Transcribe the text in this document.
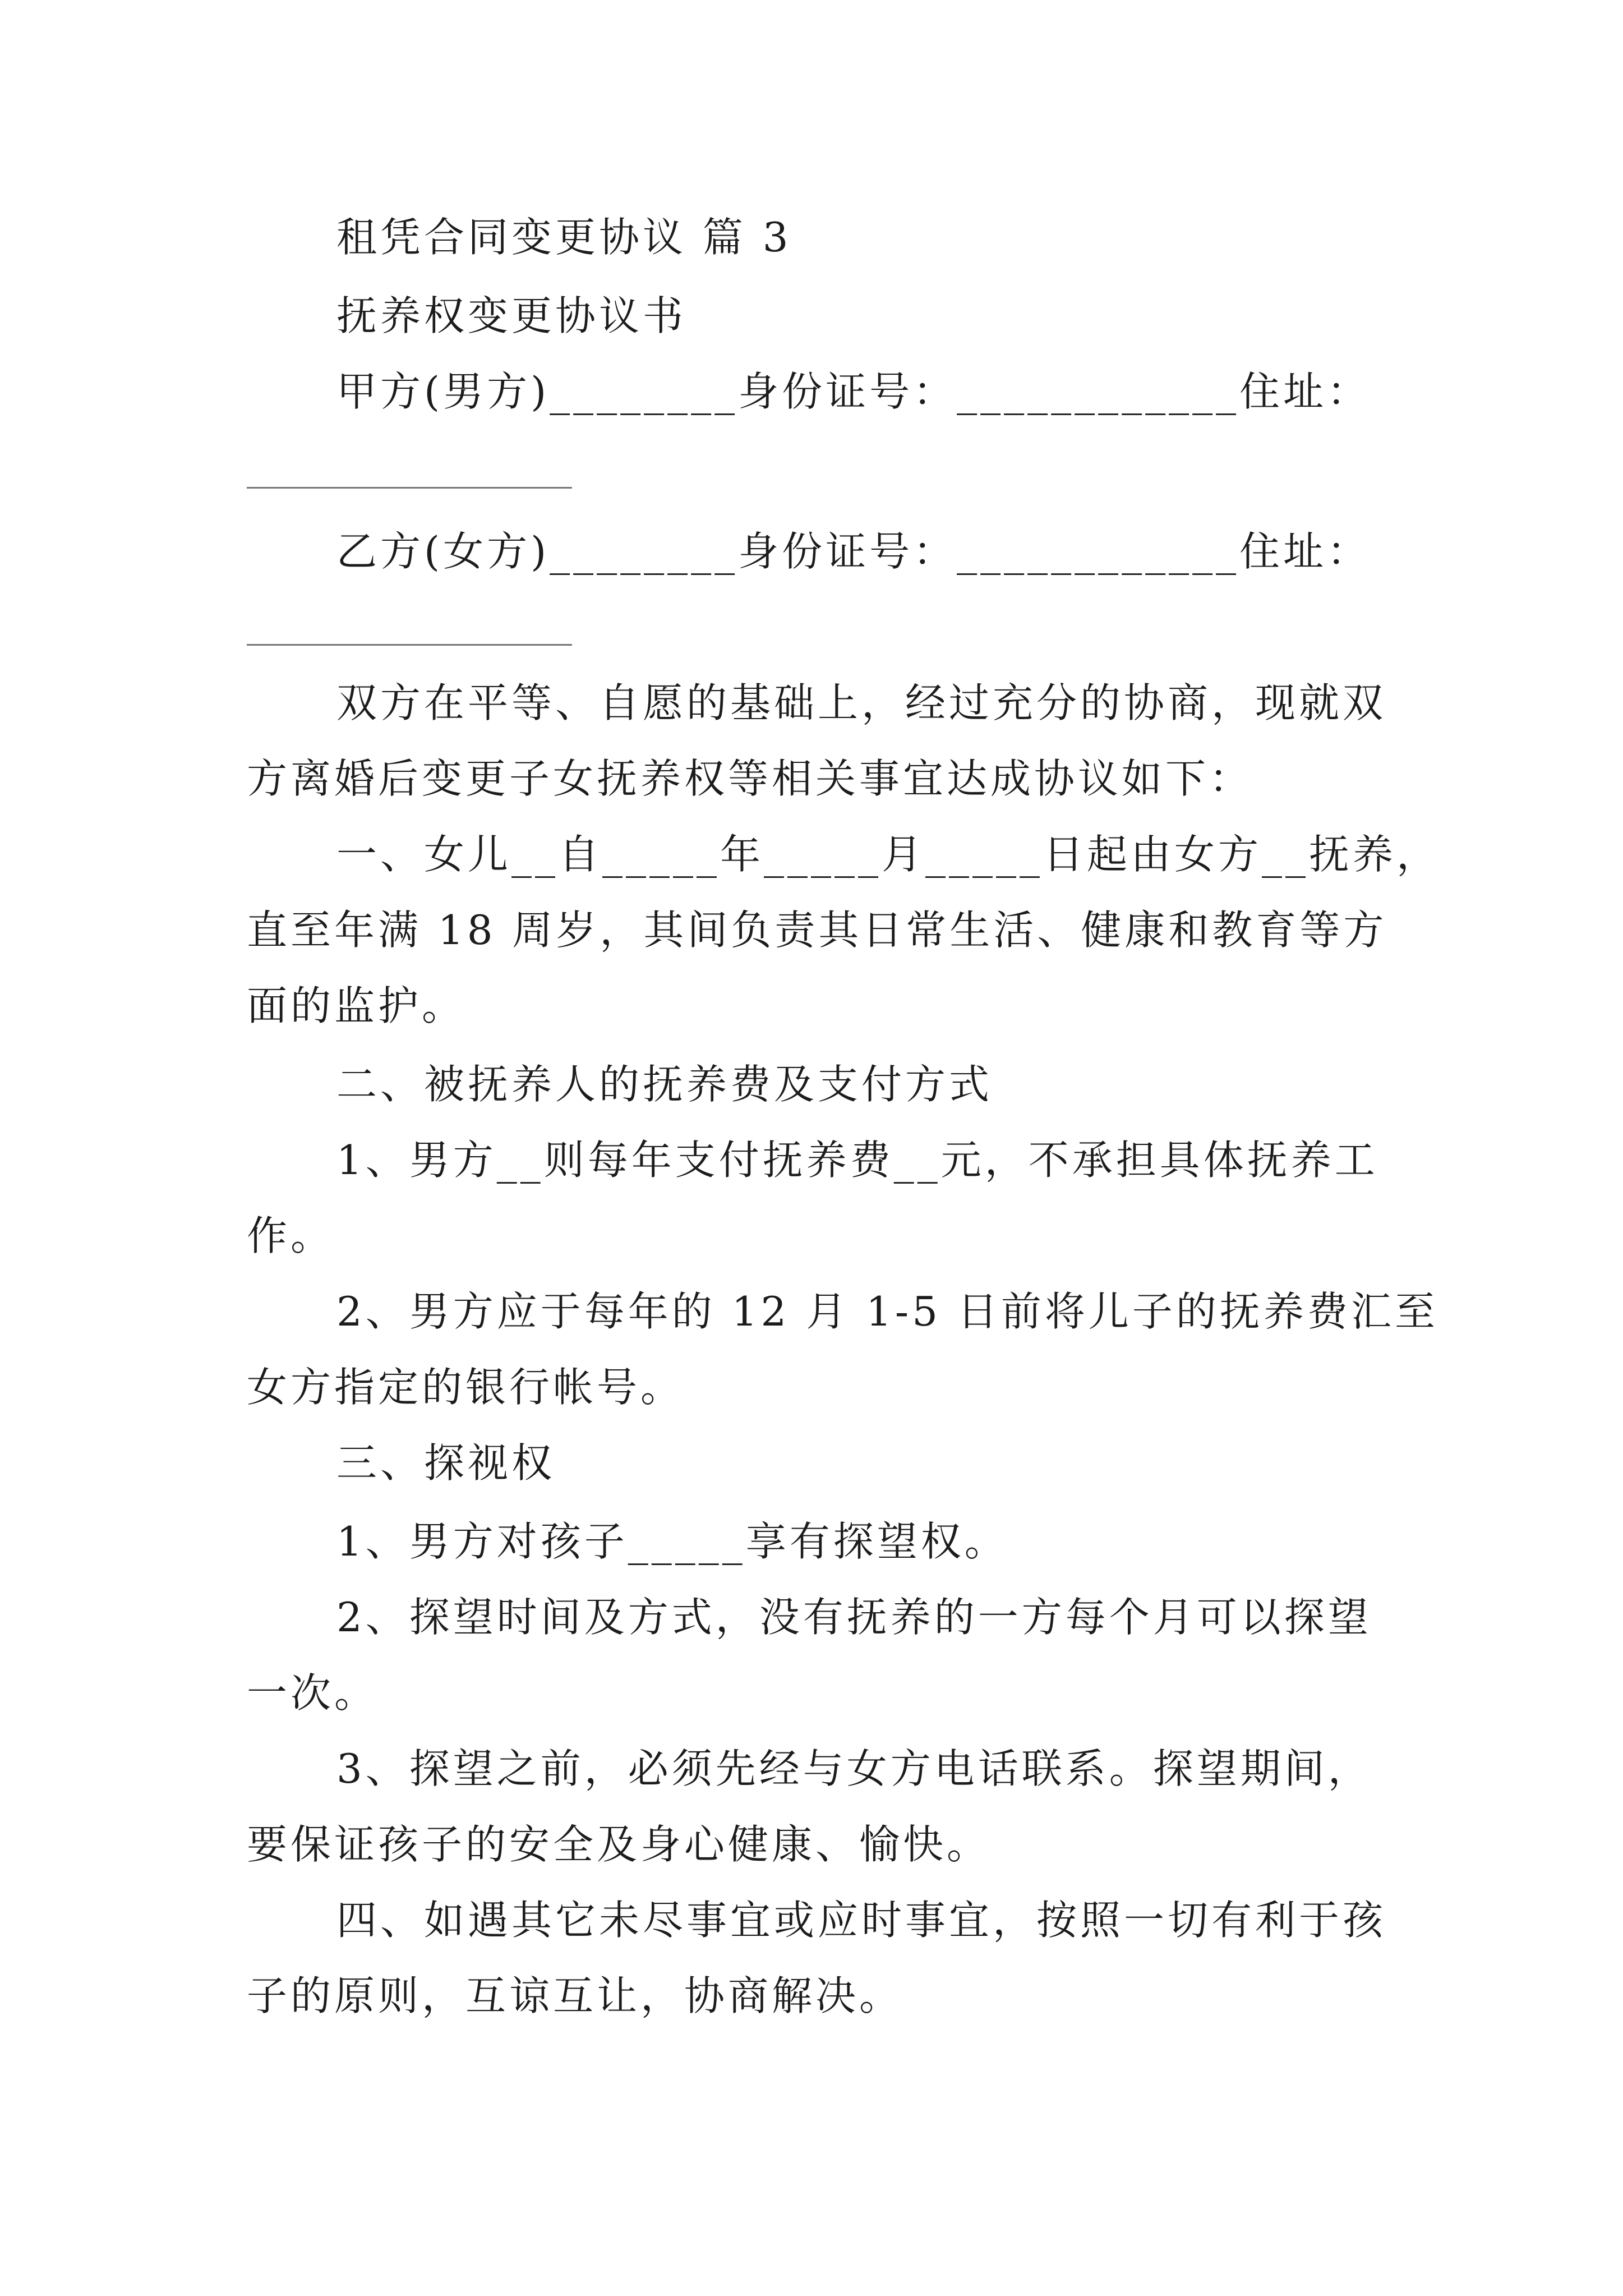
租凭合同变更协议 篇 3
抚养权变更协议书
甲方(男方)________身份证号：____________住址：
乙方(女方)________身份证号：____________住址：
双方在平等、自愿的基础上，经过充分的协商，现就双
方离婚后变更子女抚养权等相关事宜达成协议如下：
一、女儿__自_____年_____月_____日起由女方__抚养，
直至年满 18 周岁，其间负责其日常生活、健康和教育等方
面的监护。
二、被抚养人的抚养费及支付方式
1、男方__则每年支付抚养费__元，不承担具体抚养工
作。
2、男方应于每年的 12 月 1-5 日前将儿子的抚养费汇至
女方指定的银行帐号。
三、探视权
1、男方对孩子_____享有探望权。
2、探望时间及方式，没有抚养的一方每个月可以探望
一次。
3、探望之前，必须先经与女方电话联系。探望期间，
要保证孩子的安全及身心健康、愉快。
四、如遇其它未尽事宜或应时事宜，按照一切有利于孩
子的原则，互谅互让，协商解决。
